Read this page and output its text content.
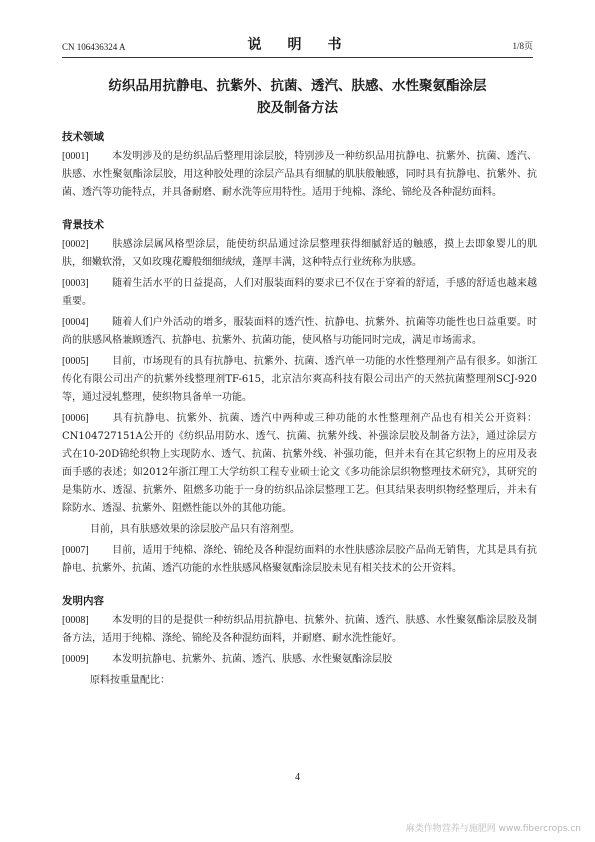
CN 106436324 A	说　明　书	1/8页
纺织品用抗静电、抗紫外、抗菌、透汽、肤感、水性聚氨酯涂层
胶及制备方法
技术领域

[0001] 本发明涉及的是纺织品后整理用涂层胶，特别涉及一种纺织品用抗静电、抗紫外、抗菌、透汽、肤感、水性聚氨酯涂层胶，用这种胶处理的涂层产品具有细腻的肌肤般触感，同时具有抗静电、抗紫外、抗菌、透汽等功能特点，并具备耐磨、耐水洗等应用特性。适用于纯棉、涤纶、锦纶及各种混纺面料。

背景技术

[0002] 肤感涂层属风格型涂层，能使纺织品通过涂层整理获得细腻舒适的触感，摸上去即象婴儿的肌肤，细嫩软滑，又如玫瑰花瓣般细细绒绒，蓬厚丰满，这种特点行业统称为肤感。

[0003] 随着生活水平的日益提高，人们对服装面料的要求已不仅在于穿着的舒适，手感的舒适也越来越重要。

[0004] 随着人们户外活动的增多，服装面料的透汽性、抗静电、抗紫外、抗菌等功能性也日益重要。时尚的肤感风格兼顾透汽、抗静电、抗紫外、抗菌功能，使风格与功能同时完成，满足市场需求。

[0005] 目前，市场现有的具有抗静电、抗紫外、抗菌、透汽单一功能的水性整理剂产品有很多。如浙江传化有限公司出产的抗紫外线整理剂TF-615，北京洁尔爽高科技有限公司出产的天然抗菌整理剂SCJ-920等，通过浸轧整理，使织物具备单一功能。

[0006] 具有抗静电、抗紫外、抗菌、透汽中两种或三种功能的水性整理剂产品也有相关公开资料：CN104727151A公开的《纺织品用防水、透气、抗菌、抗紫外线、补强涂层胶及制备方法》，通过涂层方式在10-20D锦纶织物上实现防水、透气、抗菌、抗紫外线、补强功能，但并未有在其它织物上的应用及表面手感的表述；如2012年浙江理工大学纺织工程专业硕士论文《多功能涂层织物整理技术研究》，其研究的是集防水、透湿、抗紫外、阻燃多功能于一身的纺织品涂层整理工艺。但其结果表明织物经整理后，并未有除防水、透湿、抗紫外、阻燃性能以外的其他功能。

目前，具有肤感效果的涂层胶产品只有溶剂型。

[0007] 目前，适用于纯棉、涤纶、锦纶及各种混纺面料的水性肤感涂层胶产品尚无销售，尤其是具有抗静电、抗紫外、抗菌、透汽功能的水性肤感风格聚氨酯涂层胶未见有相关技术的公开资料。

发明内容

[0008] 本发明的目的是提供一种纺织品用抗静电、抗紫外、抗菌、透汽、肤感、水性聚氨酯涂层胶及制备方法，适用于纯棉、涤纶、锦纶及各种混纺面料，并耐磨、耐水洗性能好。

[0009] 本发明抗静电、抗紫外、抗菌、透汽、肤感、水性聚氨酯涂层胶

原料按重量配比：

4
麻类作物营养与施肥网 www.fibercrops.cn
